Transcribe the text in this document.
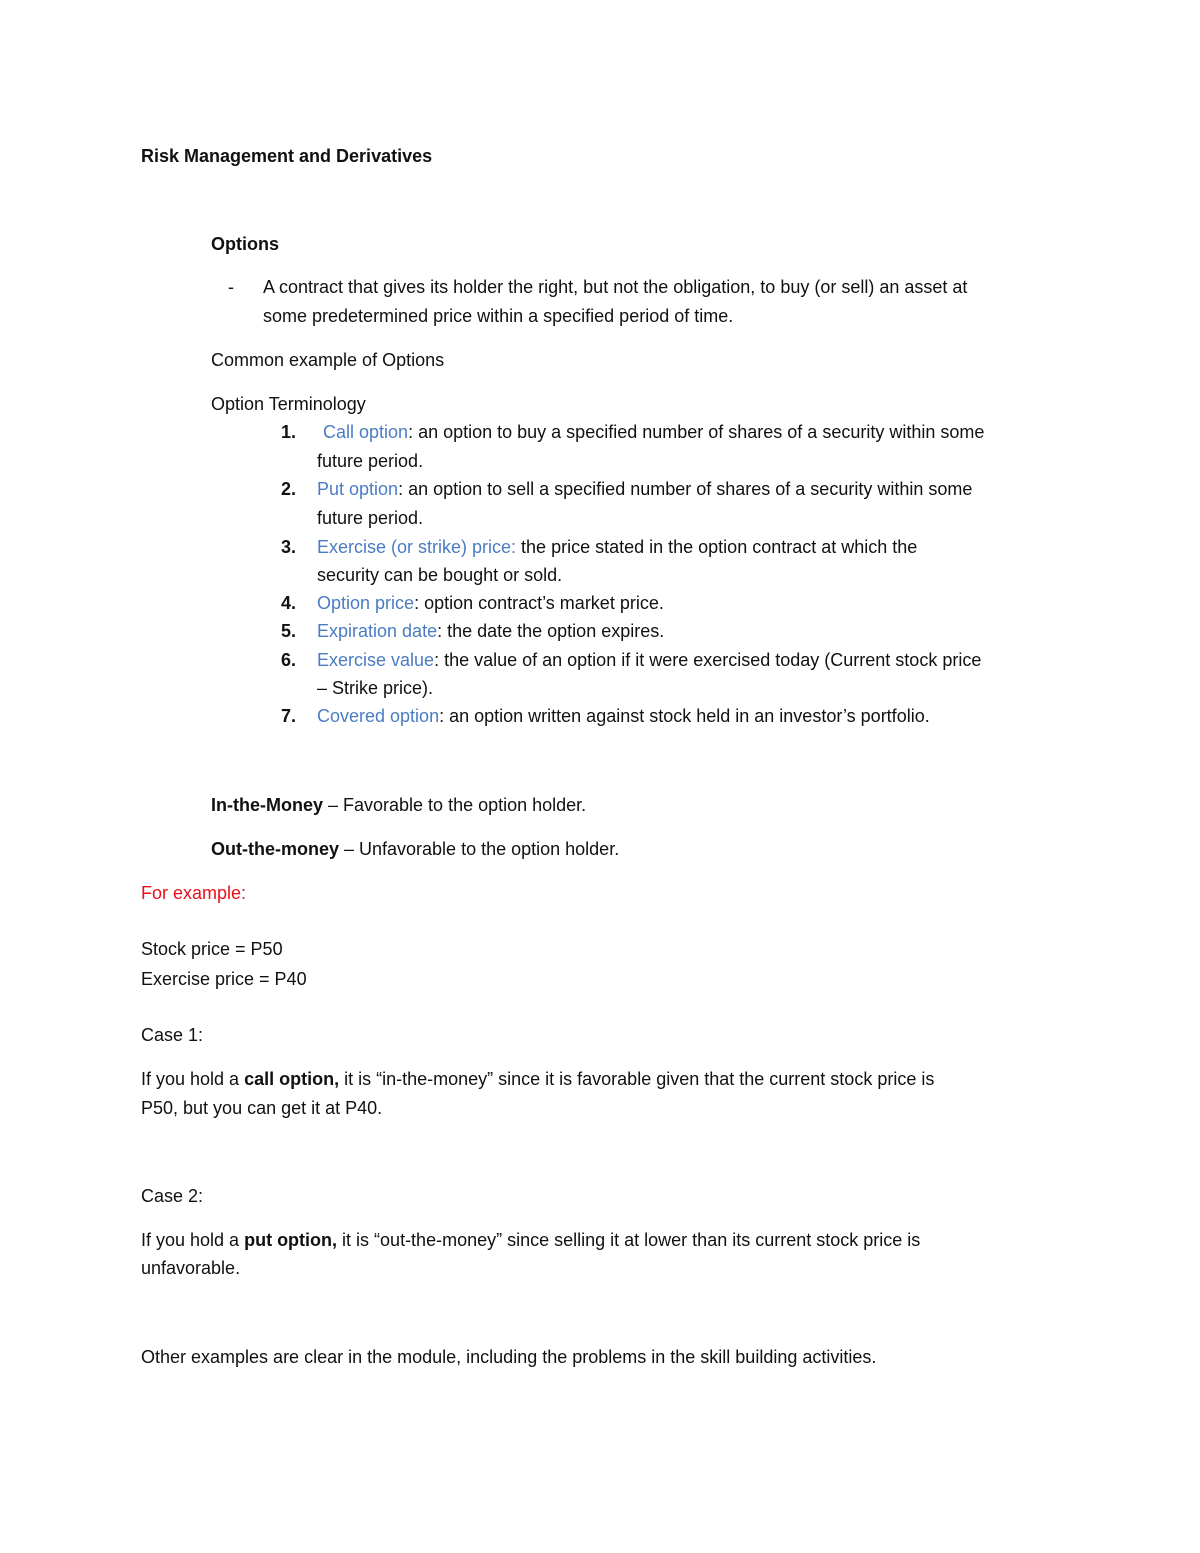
Risk Management and Derivatives

Options

- A contract that gives its holder the right, but not the obligation, to buy (or sell) an asset at

some predetermined price within a specified period of time.

Common example of Options

Option Terminology

1. Call option: an option to buy a specified number of shares of a security within some

future period.

2. Put option: an option to sell a specified number of shares of a security within some

future period.

3. Exercise (or strike) price: the price stated in the option contract at which the

security can be bought or sold.

4. Option price: option contract’s market price.

5. Expiration date: the date the option expires.

6. Exercise value: the value of an option if it were exercised today (Current stock price

– Strike price).

7. Covered option: an option written against stock held in an investor’s portfolio.

In-the-Money – Favorable to the option holder.

Out-the-money – Unfavorable to the option holder.

For example:

Stock price = P50

Exercise price = P40

Case 1:

If you hold a call option, it is “in-the-money” since it is favorable given that the current stock price is

P50, but you can get it at P40.

Case 2:

If you hold a put option, it is “out-the-money” since selling it at lower than its current stock price is

unfavorable.

Other examples are clear in the module, including the problems in the skill building activities.
